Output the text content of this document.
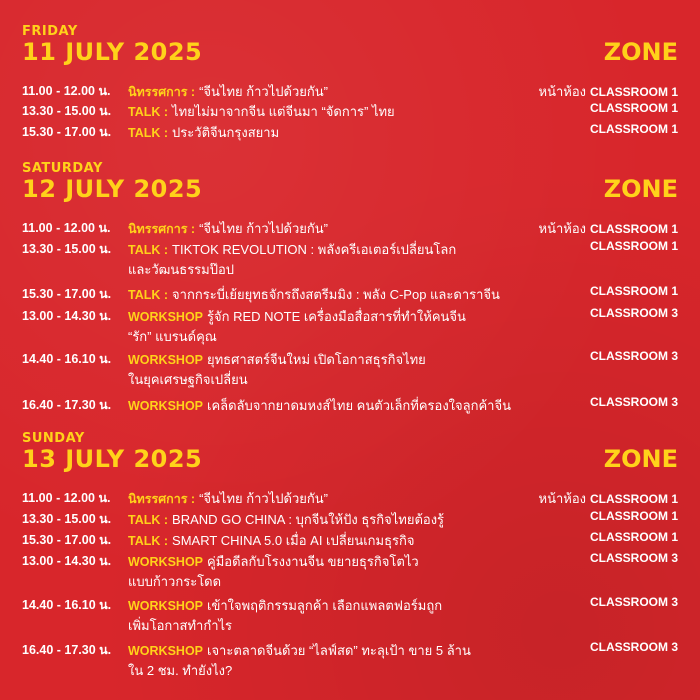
FRIDAY
11 JULY 2025	ZONE
11.00 - 12.00 น.	นิทรรศการ : “จีนไทย ก้าวไปด้วยกัน”	หน้าห้อง CLASSROOM 1
13.30 - 15.00 น.	TALK : ไทยไม่มาจากจีน แต่จีนมา “จัดการ” ไทย	CLASSROOM 1
15.30 - 17.00 น.	TALK : ประวัติจีนกรุงสยาม	CLASSROOM 1
SATURDAY
12 JULY 2025	ZONE
11.00 - 12.00 น.	นิทรรศการ : “จีนไทย ก้าวไปด้วยกัน”	หน้าห้อง CLASSROOM 1
13.30 - 15.00 น.	TALK : TIKTOK REVOLUTION : พลังครีเอเตอร์เปลี่ยนโลก
และวัฒนธรรมป๊อป
CLASSROOM 1
15.30 - 17.00 น.	TALK : จากกระบี่เย้ยยุทธจักรถึงสตรีมมิง : พลัง C-Pop และดาราจีน	CLASSROOM 1
13.00 - 14.30 น.	WORKSHOP รู้จัก RED NOTE เครื่องมือสื่อสารที่ทำให้คนจีน
“รัก” แบรนด์คุณ
CLASSROOM 3
14.40 - 16.10 น.	WORKSHOP ยุทธศาสตร์จีนใหม่ เปิดโอกาสธุรกิจไทย
ในยุคเศรษฐกิจเปลี่ยน
CLASSROOM 3
16.40 - 17.30 น.	WORKSHOP เคล็ดลับจากยาดมหงส์ไทย คนตัวเล็กที่ครองใจลูกค้าจีน	CLASSROOM 3
SUNDAY
13 JULY 2025	ZONE
11.00 - 12.00 น.	นิทรรศการ : “จีนไทย ก้าวไปด้วยกัน”	หน้าห้อง CLASSROOM 1
13.30 - 15.00 น.	TALK : BRAND GO CHINA : บุกจีนให้ปัง ธุรกิจไทยต้องรู้	CLASSROOM 1
15.30 - 17.00 น.	TALK : SMART CHINA 5.0 เมื่อ AI เปลี่ยนเกมธุรกิจ	CLASSROOM 1
13.00 - 14.30 น.	WORKSHOP คู่มือดีลกับโรงงานจีน ขยายธุรกิจโตไว
แบบก้าวกระโดด
CLASSROOM 3
14.40 - 16.10 น.	WORKSHOP เข้าใจพฤติกรรมลูกค้า เลือกแพลตฟอร์มถูก
เพิ่มโอกาสทำกำไร
CLASSROOM 3
16.40 - 17.30 น.	WORKSHOP เจาะตลาดจีนด้วย “ไลฟ์สด” ทะลุเป้า ขาย 5 ล้าน
ใน 2 ชม. ทำยังไง?
CLASSROOM 3
